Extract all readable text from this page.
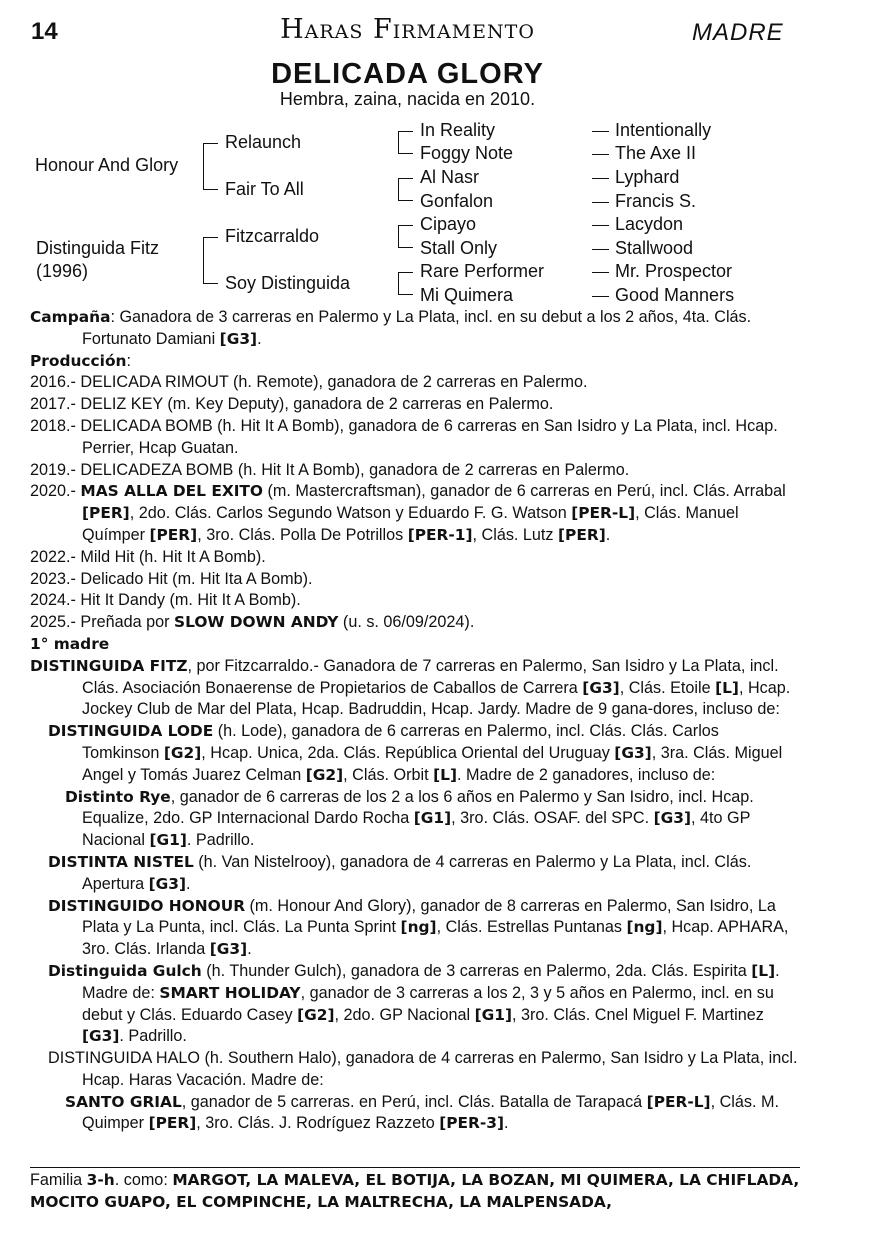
14	Haras Firmamento	MADRE
DELICADA GLORY
Hembra, zaina, nacida en 2010.
Honour And Glory
Distinguida Fitz
(1996)
Relaunch
Fair To All
Fitzcarraldo
Soy Distinguida
In Reality
Foggy Note
Al Nasr
Gonfalon
Cipayo
Stall Only
Rare Performer
Mi Quimera
Intentionally
The Axe II
Lyphard
Francis S.
Lacydon
Stallwood
Mr. Prospector
Good Manners
Campaña: Ganadora de 3 carreras en Palermo y La Plata, incl. en su debut a los 2 años, 4ta. Clás. Fortunato Damiani [G3].
Producción:
2016.- DELICADA RIMOUT (h. Remote), ganadora de 2 carreras en Palermo.
2017.- DELIZ KEY (m. Key Deputy), ganadora de 2 carreras en Palermo.
2018.- DELICADA BOMB (h. Hit It A Bomb), ganadora de 6 carreras en San Isidro y La Plata, incl. Hcap. Perrier, Hcap Guatan.
2019.- DELICADEZA BOMB (h. Hit It A Bomb), ganadora de 2 carreras en Palermo.
2020.- MAS ALLA DEL EXITO (m. Mastercraftsman), ganador de 6 carreras en Perú, incl. Clás. Arrabal [PER], 2do. Clás. Carlos Segundo Watson y Eduardo F. G. Watson [PER-L], Clás. Manuel Químper [PER], 3ro. Clás. Polla De Potrillos [PER-1], Clás. Lutz [PER].
2022.- Mild Hit (h. Hit It A Bomb).
2023.- Delicado Hit (m. Hit Ita A Bomb).
2024.- Hit It Dandy (m. Hit It A Bomb).
2025.- Preñada por SLOW DOWN ANDY (u. s. 06/09/2024).
1° madre
DISTINGUIDA FITZ, por Fitzcarraldo.- Ganadora de 7 carreras en Palermo, San Isidro y La Plata, incl. Clás. Asociación Bonaerense de Propietarios de Caballos de Carrera [G3], Clás. Etoile [L], Hcap. Jockey Club de Mar del Plata, Hcap. Badruddin, Hcap. Jardy. Madre de 9 gana-dores, incluso de:
DISTINGUIDA LODE (h. Lode), ganadora de 6 carreras en Palermo, incl. Clás. Clás. Carlos Tomkinson [G2], Hcap. Unica, 2da. Clás. República Oriental del Uruguay [G3], 3ra. Clás. Miguel Angel y Tomás Juarez Celman [G2], Clás. Orbit [L]. Madre de 2 ganadores, incluso de:
Distinto Rye, ganador de 6 carreras de los 2 a los 6 años en Palermo y San Isidro, incl. Hcap. Equalize, 2do. GP Internacional Dardo Rocha [G1], 3ro. Clás. OSAF. del SPC. [G3], 4to GP Nacional [G1]. Padrillo.
DISTINTA NISTEL (h. Van Nistelrooy), ganadora de 4 carreras en Palermo y La Plata, incl. Clás. Apertura [G3].
DISTINGUIDO HONOUR (m. Honour And Glory), ganador de 8 carreras en Palermo, San Isidro, La Plata y La Punta, incl. Clás. La Punta Sprint [ng], Clás. Estrellas Puntanas [ng], Hcap. APHARA, 3ro. Clás. Irlanda [G3].
Distinguida Gulch (h. Thunder Gulch), ganadora de 3 carreras en Palermo, 2da. Clás. Espirita [L]. Madre de: SMART HOLIDAY, ganador de 3 carreras a los 2, 3 y 5 años en Palermo, incl. en su debut y Clás. Eduardo Casey [G2], 2do. GP Nacional [G1], 3ro. Clás. Cnel Miguel F. Martinez [G3]. Padrillo.
DISTINGUIDA HALO (h. Southern Halo), ganadora de 4 carreras en Palermo, San Isidro y La Plata, incl. Hcap. Haras Vacación. Madre de:
SANTO GRIAL, ganador de 5 carreras. en Perú, incl. Clás. Batalla de Tarapacá [PER-L], Clás. M. Quimper [PER], 3ro. Clás. J. Rodríguez Razzeto [PER-3].
Familia 3-h. como: MARGOT, LA MALEVA, EL BOTIJA, LA BOZAN, MI QUIMERA, LA CHIFLADA, MOCITO GUAPO, EL COMPINCHE, LA MALTRECHA, LA MALPENSADA,
